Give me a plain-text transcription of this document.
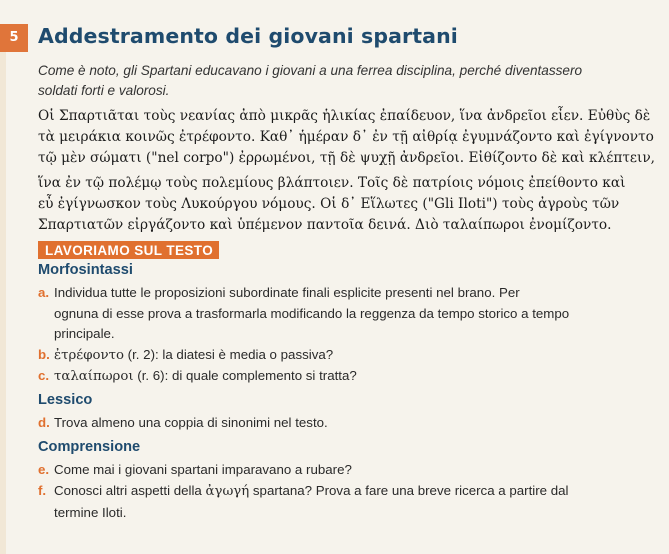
5 Addestramento dei giovani spartani
Come è noto, gli Spartani educavano i giovani a una ferrea disciplina, perché diventassero
soldati forti e valorosi.
Οἱ Σπαρτιᾶται τοὺς νεανίας ἀπὸ μικρᾶς ἡλικίας ἐπαίδευον, ἵνα ἀνδρεῖοι εἶεν. Εὐθὺς δὲ
τὰ μειράκια κοινῶς ἐτρέφοντο. Καθ᾽ ἡμέραν δ᾽ ἐν τῇ αἰθρίᾳ ἐγυμνάζοντο καὶ ἐγίγνοντο
τῷ μὲν σώματι ("nel corpo") ἐρρωμένοι, τῇ δὲ ψυχῇ ἀνδρεῖοι. Εἰθίζοντο δὲ καὶ κλέπτειν,
ἵνα ἐν τῷ πολέμῳ τοὺς πολεμίους βλάπτοιεν. Τοῖς δὲ πατρίοις νόμοις ἐπείθοντο καὶ
εὖ ἐγίγνωσκον τοὺς Λυκούργου νόμους. Οἱ δ᾽ Εἵλωτες ("Gli Iloti") τοὺς ἀγροὺς τῶν
Σπαρτιατῶν εἰργάζοντο καὶ ὑπέμενον παντοῖα δεινά. Διὸ ταλαίπωροι ἐνομίζοντο.
LAVORIAMO SUL TESTO
Morfosintassi
a. Individua tutte le proposizioni subordinate finali esplicite presenti nel brano. Per
ognuna di esse prova a trasformarla modificando la reggenza da tempo storico a tempo
principale.
b. ἐτρέφοντο (r. 2): la diatesi è media o passiva?
c. ταλαίπωροι (r. 6): di quale complemento si tratta?
Lessico
d. Trova almeno una coppia di sinonimi nel testo.
Comprensione
e. Come mai i giovani spartani imparavano a rubare?
f. Conosci altri aspetti della ἀγωγή spartana? Prova a fare una breve ricerca a partire dal
termine Iloti.
